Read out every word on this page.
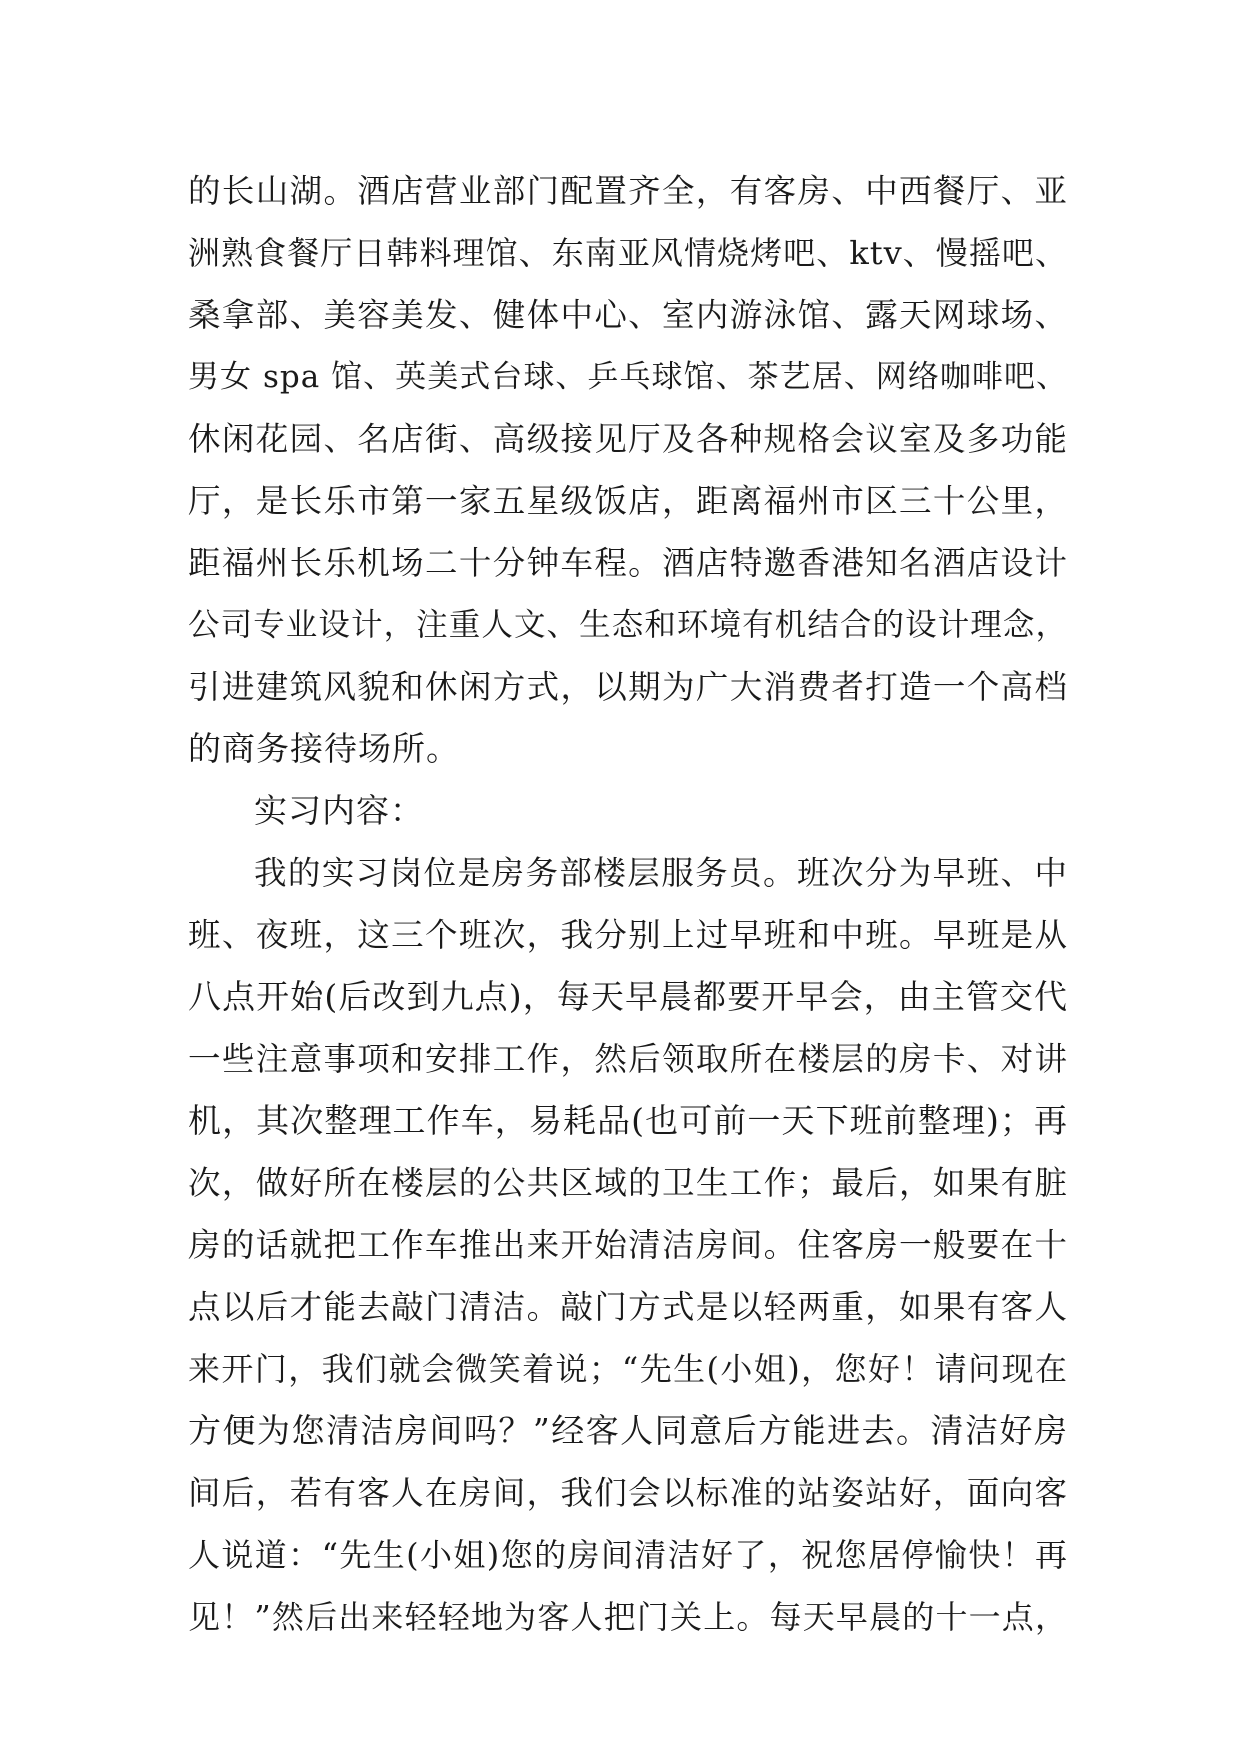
的长山湖。酒店营业部门配置齐全，有客房、中西餐厅、亚
洲熟食餐厅日韩料理馆、东南亚风情烧烤吧、ktv、慢摇吧、
桑拿部、美容美发、健体中心、室内游泳馆、露天网球场、
男女 spa 馆、英美式台球、乒乓球馆、茶艺居、网络咖啡吧、
休闲花园、名店街、高级接见厅及各种规格会议室及多功能
厅，是长乐市第一家五星级饭店，距离福州市区三十公里，
距福州长乐机场二十分钟车程。酒店特邀香港知名酒店设计
公司专业设计，注重人文、生态和环境有机结合的设计理念，
引进建筑风貌和休闲方式，以期为广大消费者打造一个高档
的商务接待场所。
实习内容：
我的实习岗位是房务部楼层服务员。班次分为早班、中
班、夜班，这三个班次，我分别上过早班和中班。早班是从
八点开始(后改到九点)，每天早晨都要开早会，由主管交代
一些注意事项和安排工作，然后领取所在楼层的房卡、对讲
机，其次整理工作车，易耗品(也可前一天下班前整理)；再
次，做好所在楼层的公共区域的卫生工作；最后，如果有脏
房的话就把工作车推出来开始清洁房间。住客房一般要在十
点以后才能去敲门清洁。敲门方式是以轻两重，如果有客人
来开门，我们就会微笑着说；“先生(小姐)，您好！请问现在
方便为您清洁房间吗？”经客人同意后方能进去。清洁好房
间后，若有客人在房间，我们会以标准的站姿站好，面向客
人说道：“先生(小姐)您的房间清洁好了，祝您居停愉快！再
见！”然后出来轻轻地为客人把门关上。每天早晨的十一点，
